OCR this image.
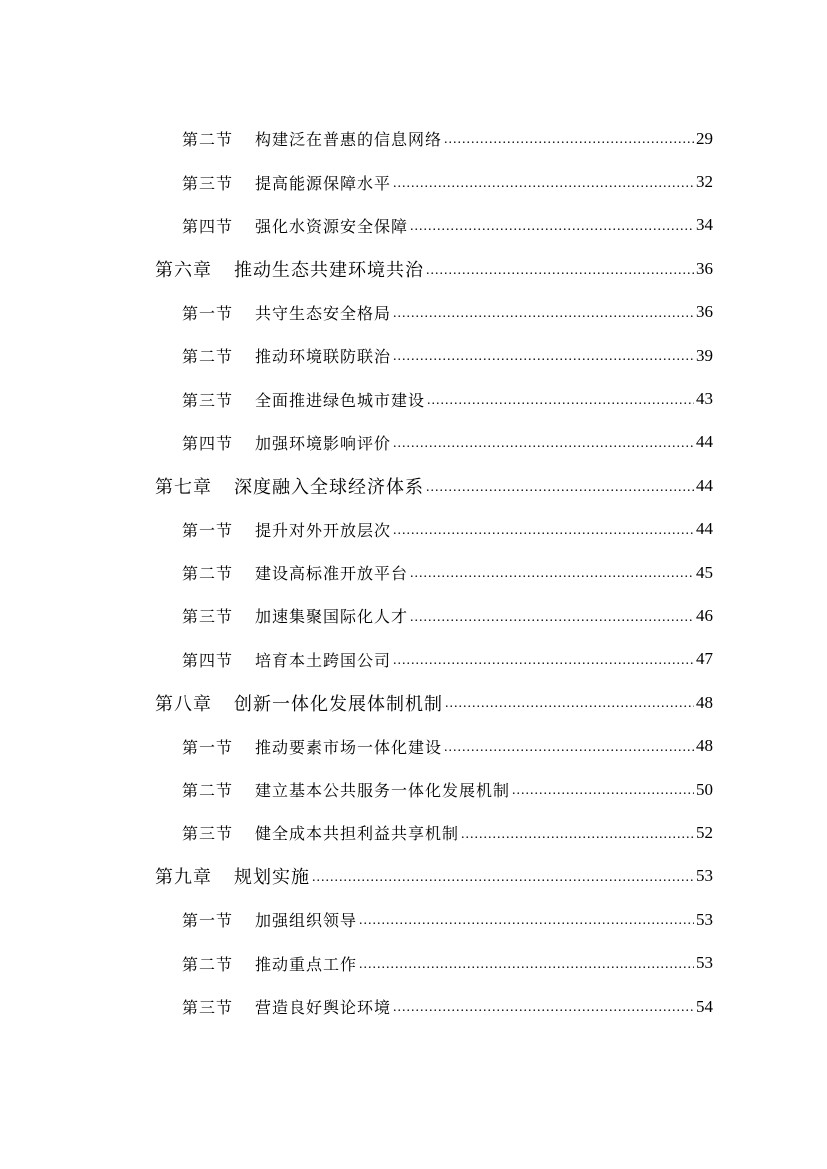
第二节 构建泛在普惠的信息网络 .....	29
第三节 提高能源保障水平 .....	32
第四节 强化水资源安全保障 .....	34
第六章 推动生态共建环境共治 .....	36
第一节 共守生态安全格局 .....	36
第二节 推动环境联防联治 .....	39
第三节 全面推进绿色城市建设 .....	43
第四节 加强环境影响评价 .....	44
第七章 深度融入全球经济体系 .....	44
第一节 提升对外开放层次 .....	44
第二节 建设高标准开放平台 .....	45
第三节 加速集聚国际化人才 .....	46
第四节 培育本土跨国公司 .....	47
第八章 创新一体化发展体制机制 .....	48
第一节 推动要素市场一体化建设 .....	48
第二节 建立基本公共服务一体化发展机制 .....	50
第三节 健全成本共担利益共享机制 .....	52
第九章 规划实施 .....	53
第一节 加强组织领导 .....	53
第二节 推动重点工作 .....	53
第三节 营造良好舆论环境 .....	54
